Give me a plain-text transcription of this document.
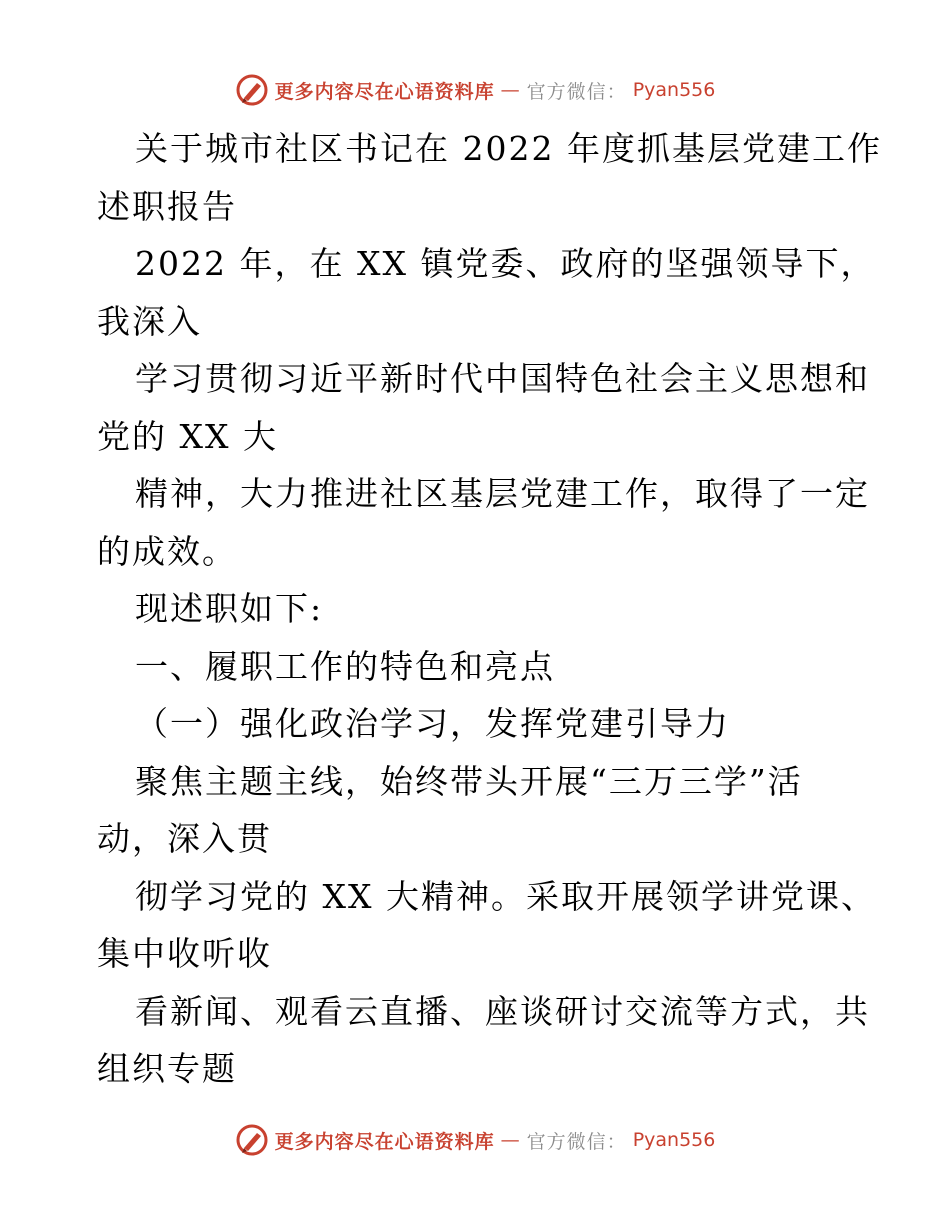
更多内容尽在心语资料库 — 官方微信： Pyan556
关于城市社区书记在 2022 年度抓基层党建工作
述职报告
2022 年，在 XX 镇党委、政府的坚强领导下，
我深入
学习贯彻习近平新时代中国特色社会主义思想和
党的 XX 大
精神，大力推进社区基层党建工作，取得了一定
的成效。
现述职如下:
一、履职工作的特色和亮点
（一）强化政治学习，发挥党建引导力
聚焦主题主线，始终带头开展“三万三学”活
动，深入贯
彻学习党的 XX 大精神。采取开展领学讲党课、
集中收听收
看新闻、观看云直播、座谈研讨交流等方式，共
组织专题
更多内容尽在心语资料库 — 官方微信： Pyan556
